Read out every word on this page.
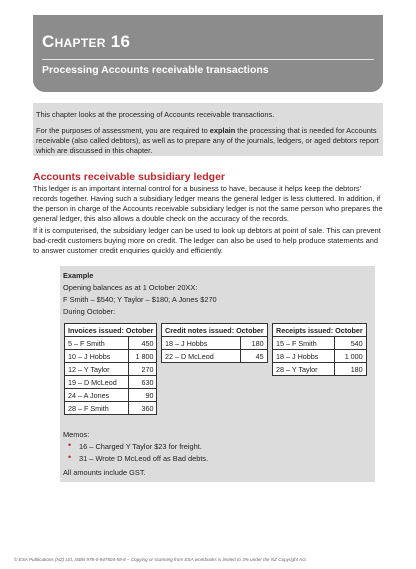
Chapter 16
Processing Accounts receivable transactions

This chapter looks at the processing of Accounts receivable transactions.

For the purposes of assessment, you are required to explain the processing that is needed for Accounts receivable (also called debtors), as well as to prepare any of the journals, ledgers, or aged debtors report which are discussed in this chapter.

Accounts receivable subsidiary ledger

This ledger is an important internal control for a business to have, because it helps keep the debtors’ records together. Having such a subsidiary ledger means the general ledger is less cluttered. In addition, if the person in charge of the Accounts receivable subsidiary ledger is not the same person who prepares the general ledger, this also allows a double check on the accuracy of the records.

If it is computerised, the subsidiary ledger can be used to look up debtors at point of sale. This can prevent bad-credit customers buying more on credit. The ledger can also be used to help produce statements and to answer customer credit enquiries quickly and efficiently.

Example
Opening balances as at 1 October 20XX:
F Smith – $540; Y Taylor – $180; A Jones $270
During October:
Invoices issued: October	
5 – F Smith	450
10 – J Hobbs	1 800
12 – Y Taylor	270
19 – D McLeod	630
24 – A Jones	90
28 – F Smith	360
Credit notes issued: October	
18 – J Hobbs	180
22 – D McLeod	45
Receipts issued: October	
15 – F Smith	540
18 – J Hobbs	1 000
28 – Y Taylor	180
Memos:
• 16 – Charged Y Taylor $23 for freight.
• 31 – Wrote D McLeod off as Bad debts.
All amounts include GST.
© ESA Publications (NZ) Ltd, ISBN 978-0-947504-58-8 – Copying or scanning from ESA workbooks is limited to 3% under the NZ Copyright Act.
